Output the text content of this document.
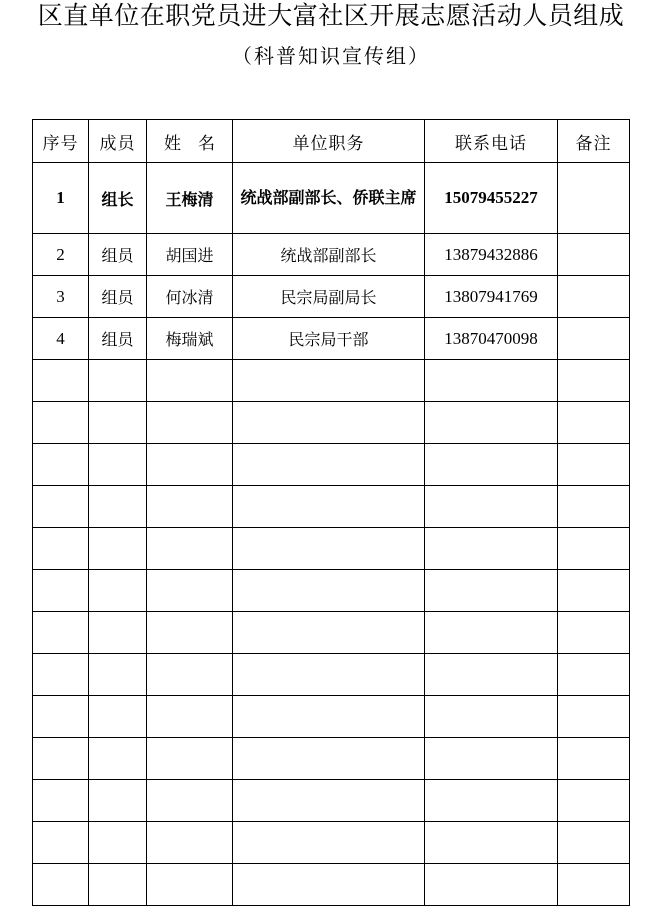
区直单位在职党员进大富社区开展志愿活动人员组成
（科普知识宣传组）
序号	成员	姓　名	单位职务	联系电话	备注
1	组长	王梅清	统战部副部长、侨联主席	15079455227	
2	组员	胡国进	统战部副部长	13879432886	
3	组员	何冰清	民宗局副局长	13807941769	
4	组员	梅瑞斌	民宗局干部	13870470098	
